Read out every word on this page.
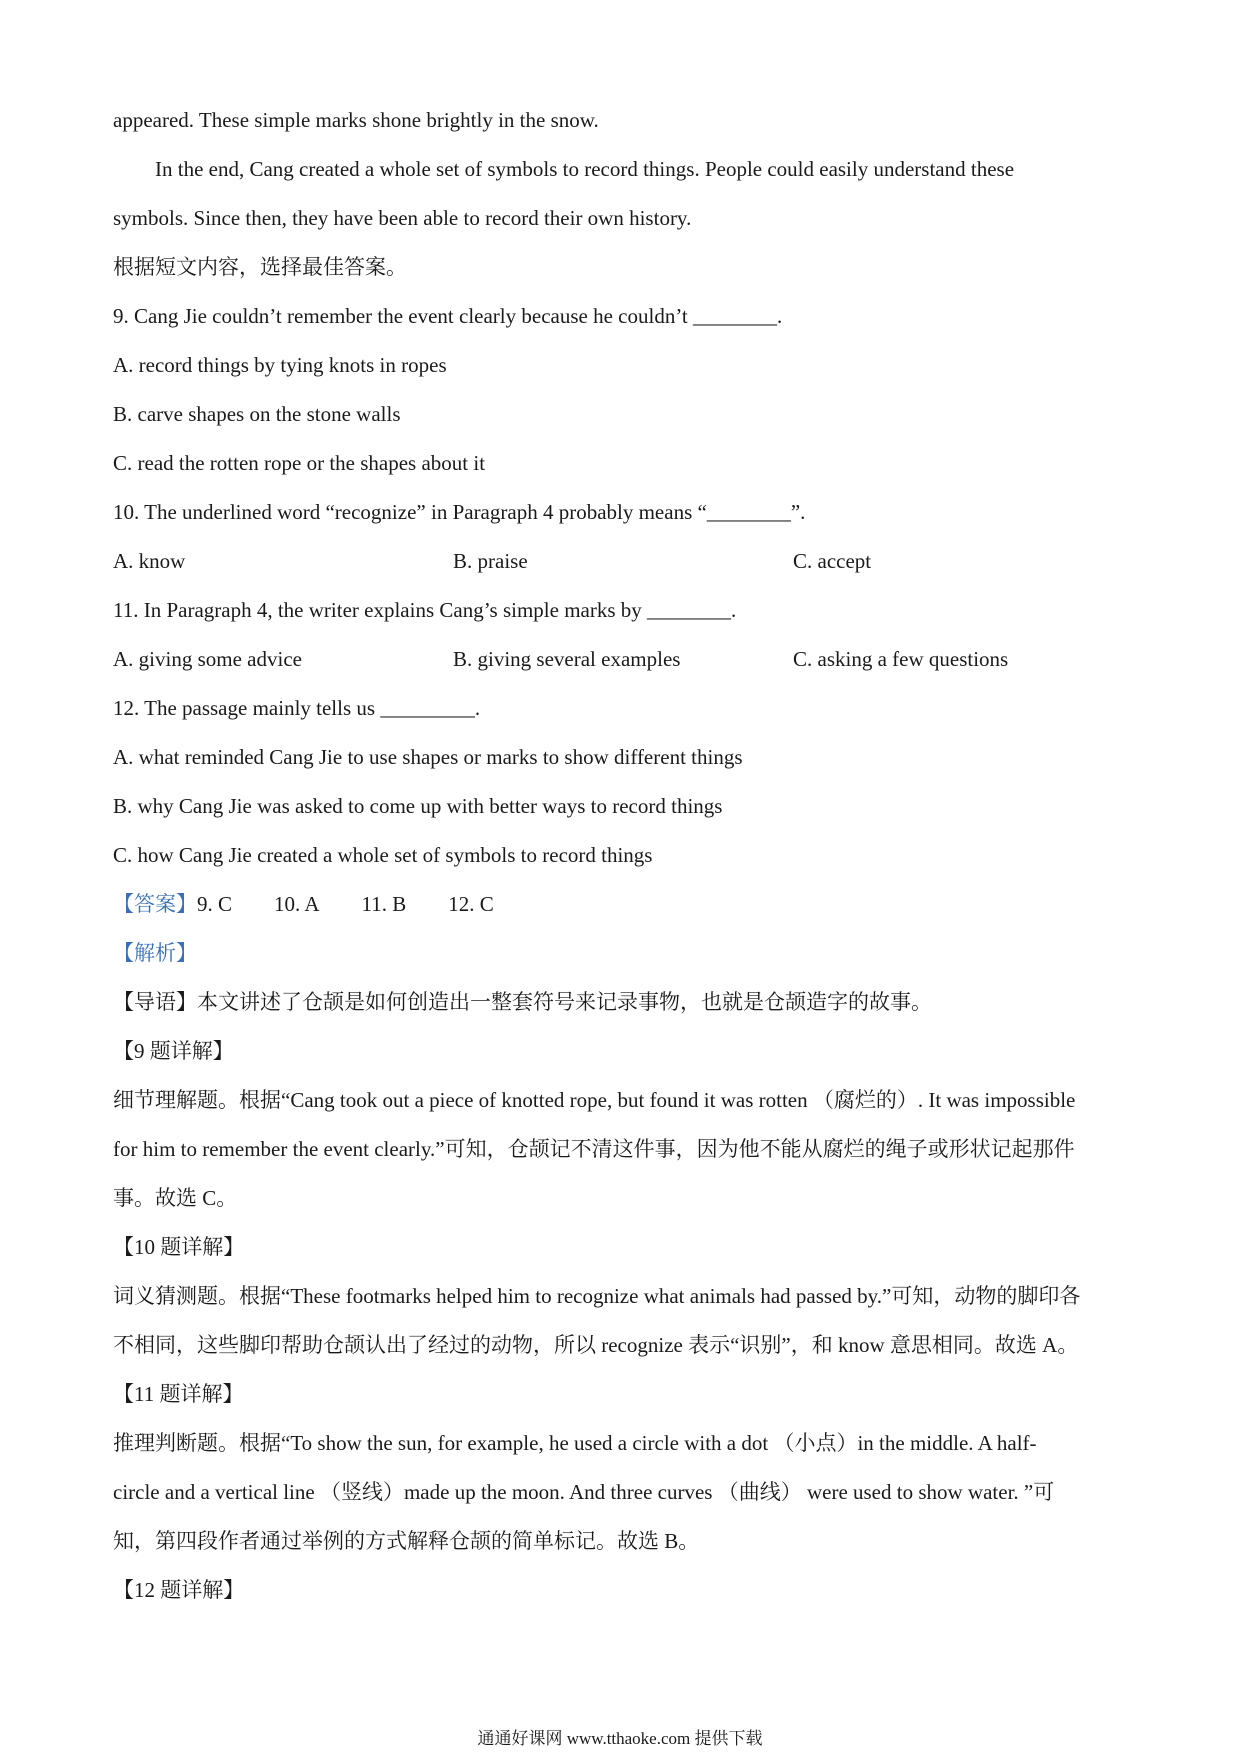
appeared. These simple marks shone brightly in the snow.
In the end, Cang created a whole set of symbols to record things. People could easily understand these
symbols. Since then, they have been able to record their own history.
根据短文内容，选择最佳答案。
9. Cang Jie couldn’t remember the event clearly because he couldn’t ________.
A. record things by tying knots in ropes
B. carve shapes on the stone walls
C. read the rotten rope or the shapes about it
10. The underlined word “recognize” in Paragraph 4 probably means “________”.
A. know	B. praise	C. accept
11. In Paragraph 4, the writer explains Cang’s simple marks by ________.
A. giving some advice	B. giving several examples	C. asking a few questions
12. The passage mainly tells us _________.
A. what reminded Cang Jie to use shapes or marks to show different things
B. why Cang Jie was asked to come up with better ways to record things
C. how Cang Jie created a whole set of symbols to record things
【答案】9. C 10. A 11. B 12. C
【解析】
【导语】本文讲述了仓颉是如何创造出一整套符号来记录事物，也就是仓颉造字的故事。
【9 题详解】
细节理解题。根据“Cang took out a piece of knotted rope, but found it was rotten （腐烂的）. It was impossible
for him to remember the event clearly.”可知，仓颉记不清这件事，因为他不能从腐烂的绳子或形状记起那件
事。故选 C。
【10 题详解】
词义猜测题。根据“These footmarks helped him to recognize what animals had passed by.”可知，动物的脚印各
不相同，这些脚印帮助仓颉认出了经过的动物，所以 recognize 表示“识别”，和 know 意思相同。故选 A。
【11 题详解】
推理判断题。根据“To show the sun, for example, he used a circle with a dot （小点）in the middle. A half-
circle and a vertical line （竖线）made up the moon. And three curves （曲线） were used to show water. ”可
知，第四段作者通过举例的方式解释仓颉的简单标记。故选 B。
【12 题详解】
通通好课网 www.tthaoke.com 提供下载
